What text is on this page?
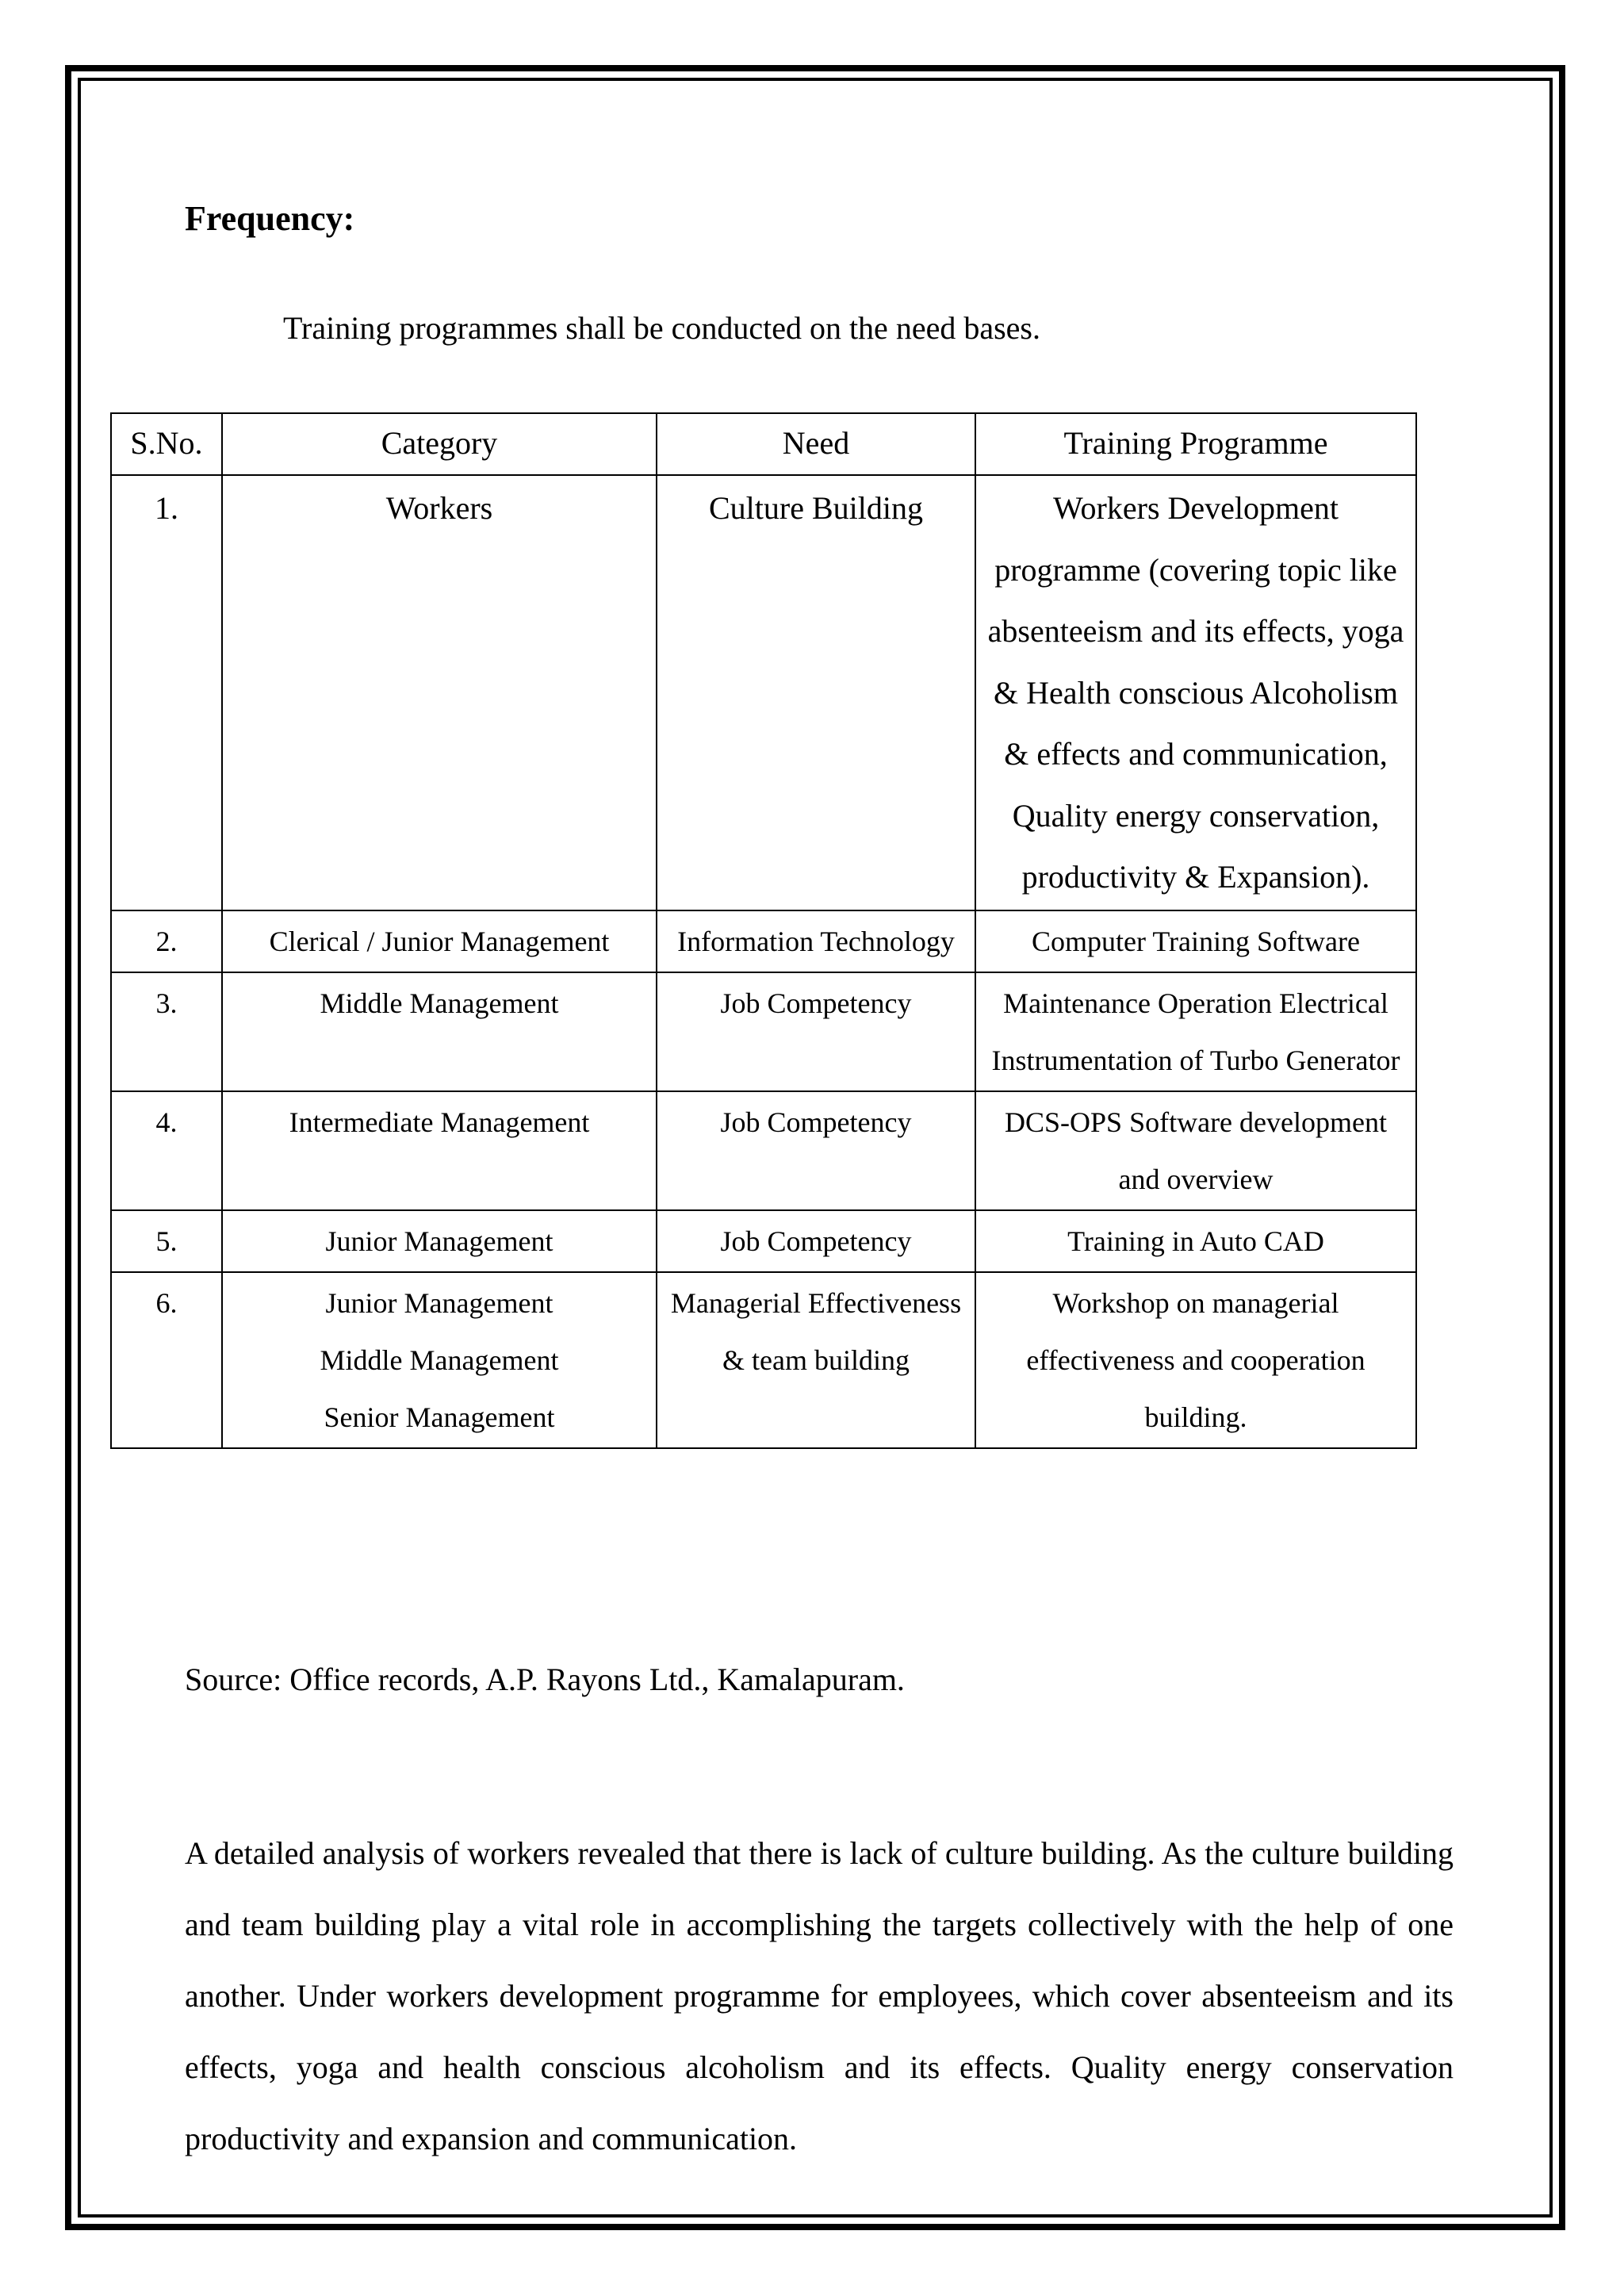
Frequency:

Training programmes shall be conducted on the need bases.

S.No.	Category	Need	Training Programme
1.	Workers	Culture Building	Workers Development programme (covering topic like absenteeism and its effects, yoga & Health conscious Alcoholism & effects and communication, Quality energy conservation, productivity & Expansion).
2.	Clerical / Junior Management	Information Technology	Computer Training Software
3.	Middle Management	Job Competency	Maintenance Operation Electrical Instrumentation of Turbo Generator
4.	Intermediate Management	Job Competency	DCS-OPS Software development and overview
5.	Junior Management	Job Competency	Training in Auto CAD
6.	Junior Management Middle Management Senior Management	Managerial Effectiveness & team building	Workshop on managerial effectiveness and cooperation building.

Source: Office records, A.P. Rayons Ltd., Kamalapuram.

A detailed analysis of workers revealed that there is lack of culture building. As the culture building and team building play a vital role in accomplishing the targets collectively with the help of one another. Under workers development programme for employees, which cover absenteeism and its effects, yoga and health conscious alcoholism and its effects. Quality energy conservation productivity and expansion and communication.
